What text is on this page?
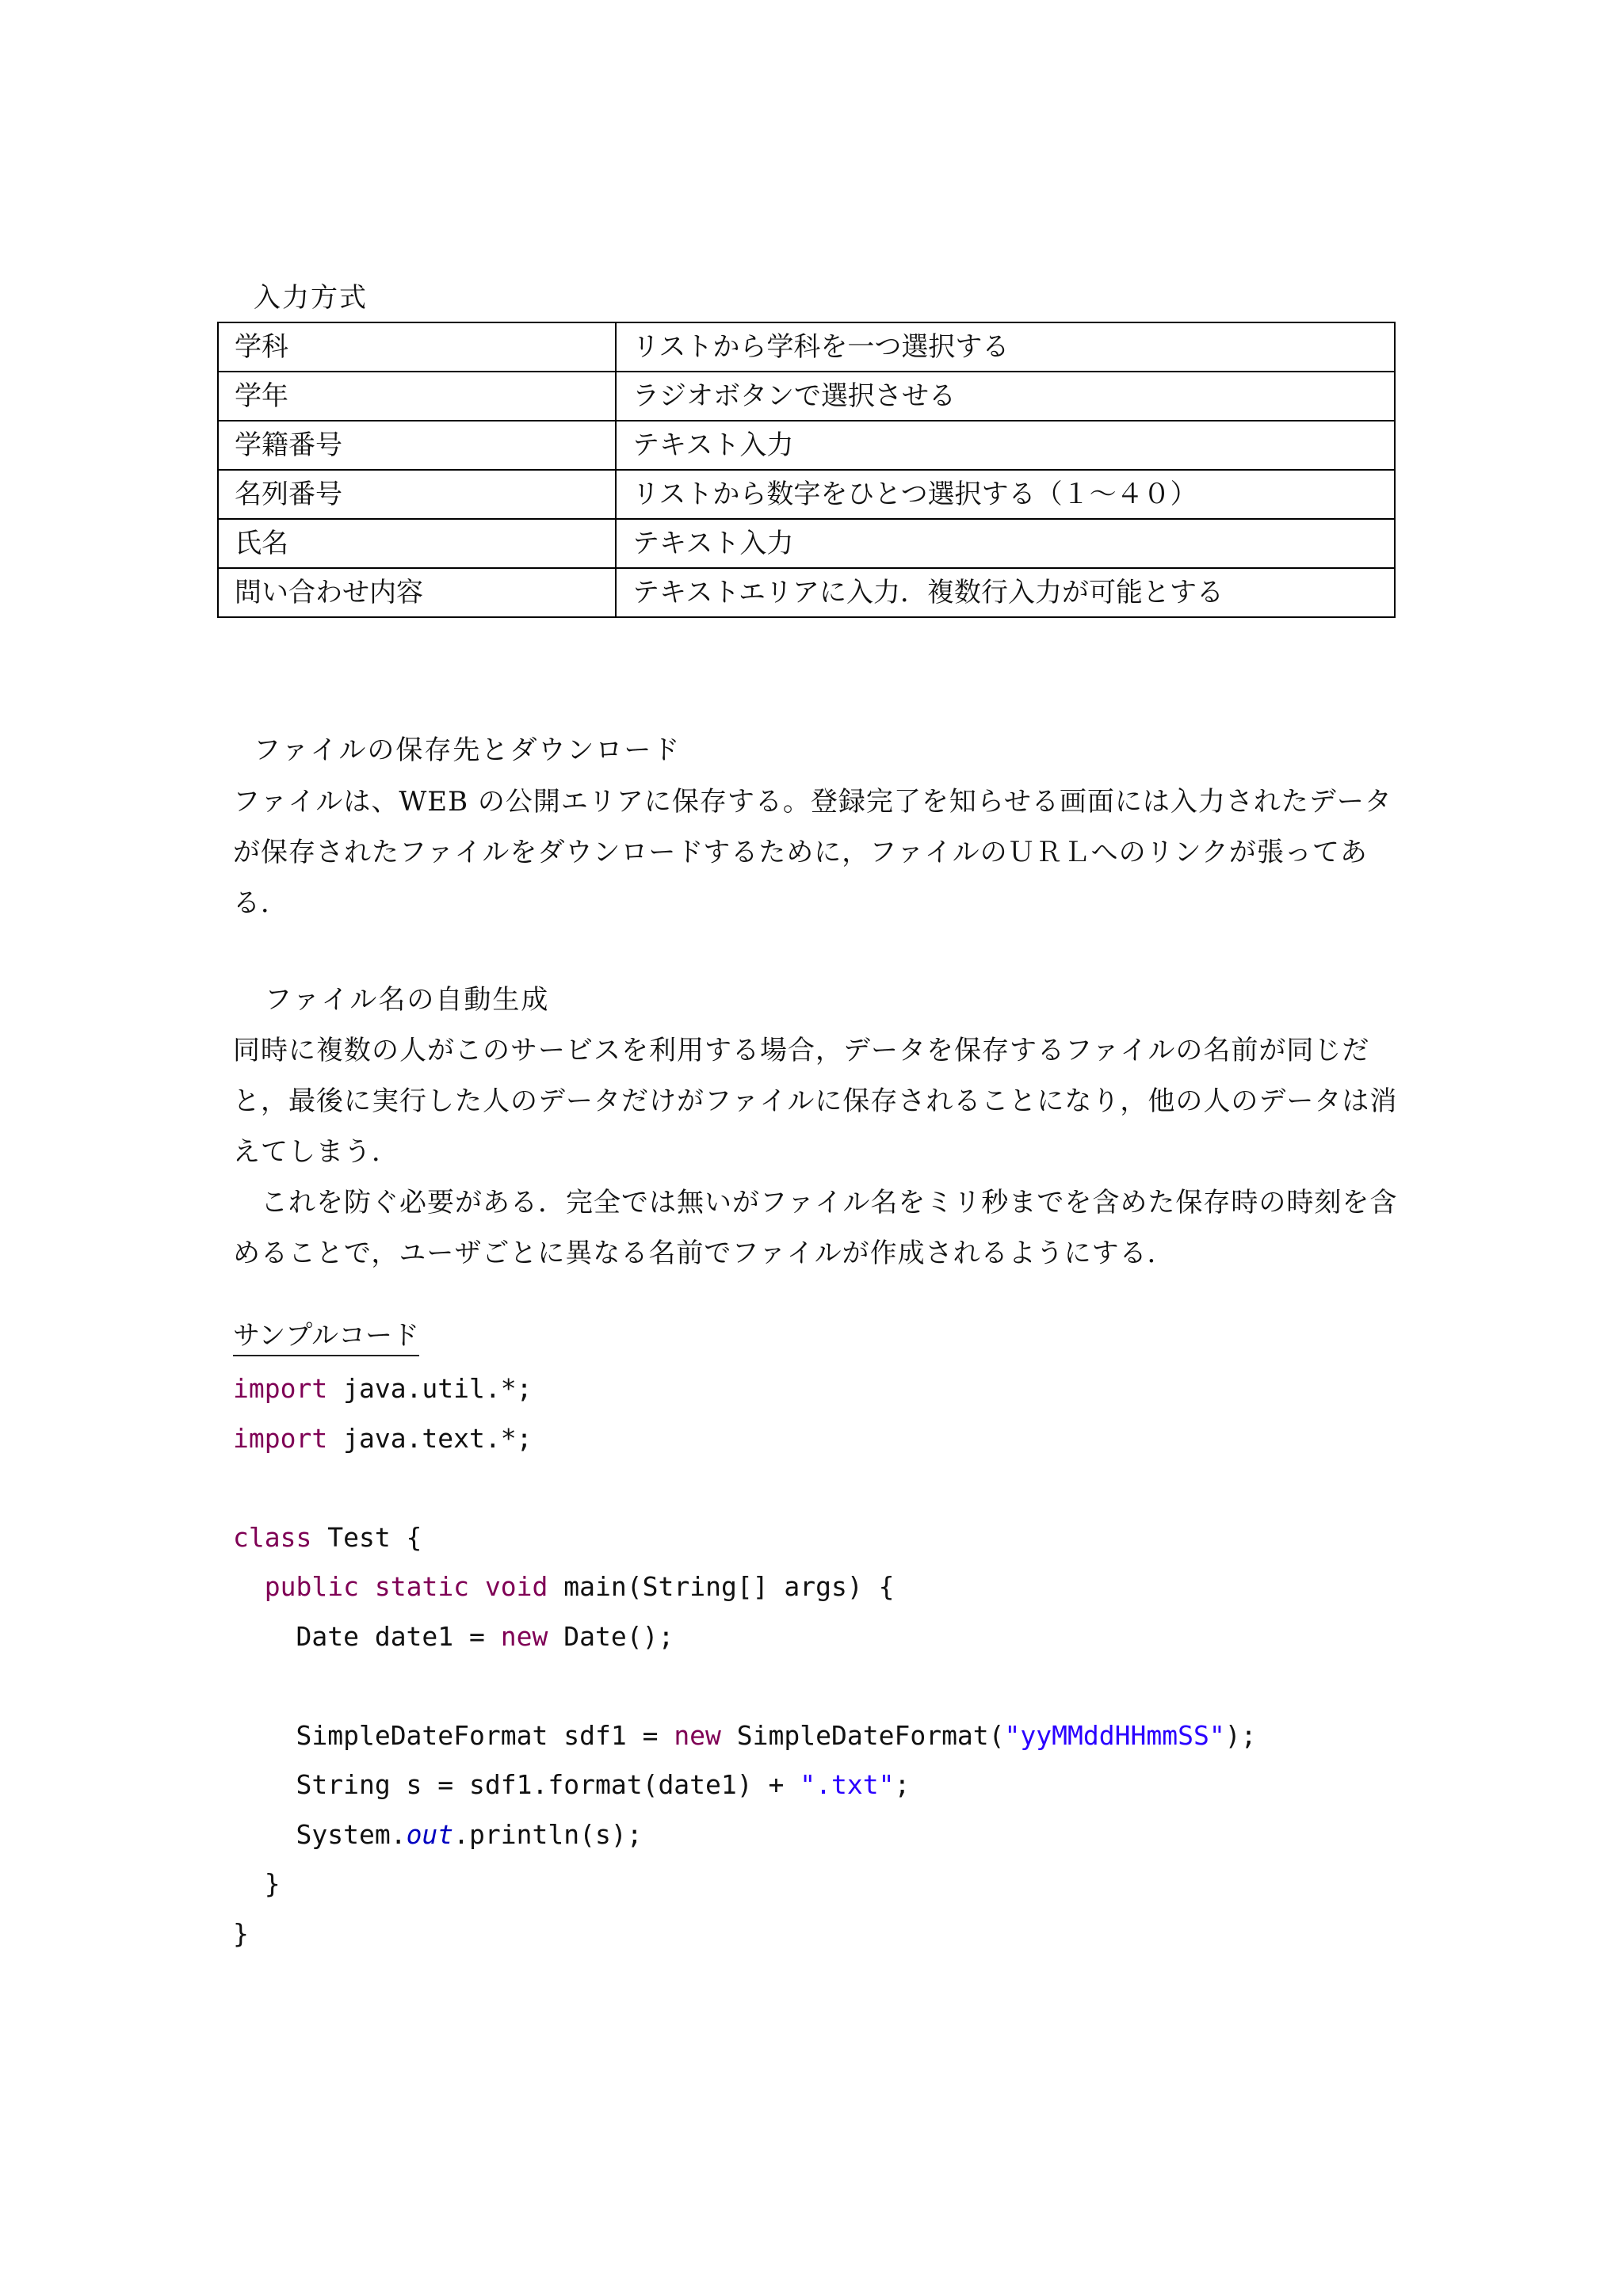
入力方式
学科	リストから学科を一つ選択する
学年	ラジオボタンで選択させる
学籍番号	テキスト入力
名列番号	リストから数字をひとつ選択する（１～４０）
氏名	テキスト入力
問い合わせ内容	テキストエリアに入力．複数行入力が可能とする
ファイルの保存先とダウンロード

ファイルは、WEB の公開エリアに保存する。登録完了を知らせる画面には入力されたデータが保存されたファイルをダウンロードするために，ファイルのＵＲＬへのリンクが張ってある．

ファイル名の自動生成

同時に複数の人がこのサービスを利用する場合，データを保存するファイルの名前が同じだと，最後に実行した人のデータだけがファイルに保存されることになり，他の人のデータは消えてしまう．

　これを防ぐ必要がある．完全では無いがファイル名をミリ秒までを含めた保存時の時刻を含めることで，ユーザごとに異なる名前でファイルが作成されるようにする．

サンプルコード
import java.util.*;
import java.text.*;

class Test {
public static void main(String[] args) {
Date date1 = new Date();

SimpleDateFormat sdf1 = new SimpleDateFormat("yyMMddHHmmSS");
String s = sdf1.format(date1) + ".txt";
System.out.println(s);
}
}
